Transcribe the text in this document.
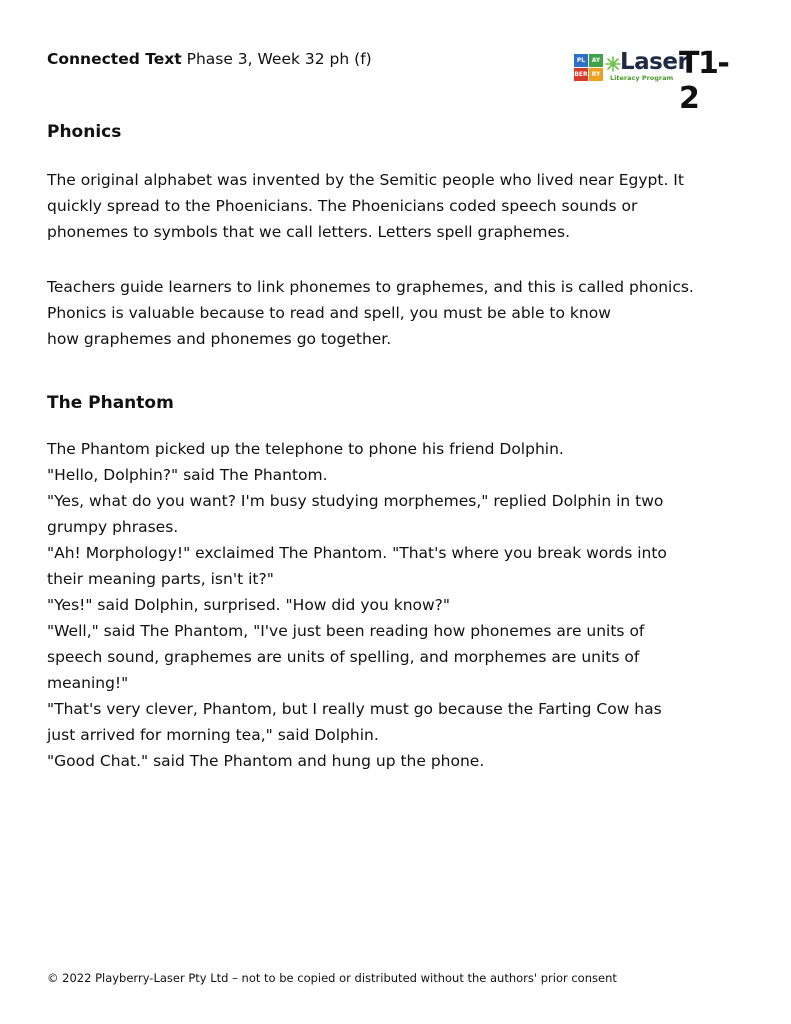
Connected Text Phase 3, Week 32 ph (f)	PL	AY
BER RY Laser
Literacy Program T1-2
Phonics

The original alphabet was invented by the Semitic people who lived near Egypt. It
quickly spread to the Phoenicians. The Phoenicians coded speech sounds or
phonemes to symbols that we call letters. Letters spell graphemes.

Teachers guide learners to link phonemes to graphemes, and this is called phonics.
Phonics is valuable because to read and spell, you must be able to know
how graphemes and phonemes go together.

The Phantom

The Phantom picked up the telephone to phone his friend Dolphin.
"Hello, Dolphin?" said The Phantom.
"Yes, what do you want? I'm busy studying morphemes," replied Dolphin in two
grumpy phrases.
"Ah! Morphology!" exclaimed The Phantom. "That's where you break words into
their meaning parts, isn't it?"
"Yes!" said Dolphin, surprised. "How did you know?"
"Well," said The Phantom, "I've just been reading how phonemes are units of
speech sound, graphemes are units of spelling, and morphemes are units of
meaning!"
"That's very clever, Phantom, but I really must go because the Farting Cow has
just arrived for morning tea," said Dolphin.
"Good Chat." said The Phantom and hung up the phone.

© 2022 Playberry-Laser Pty Ltd – not to be copied or distributed without the authors' prior consent
